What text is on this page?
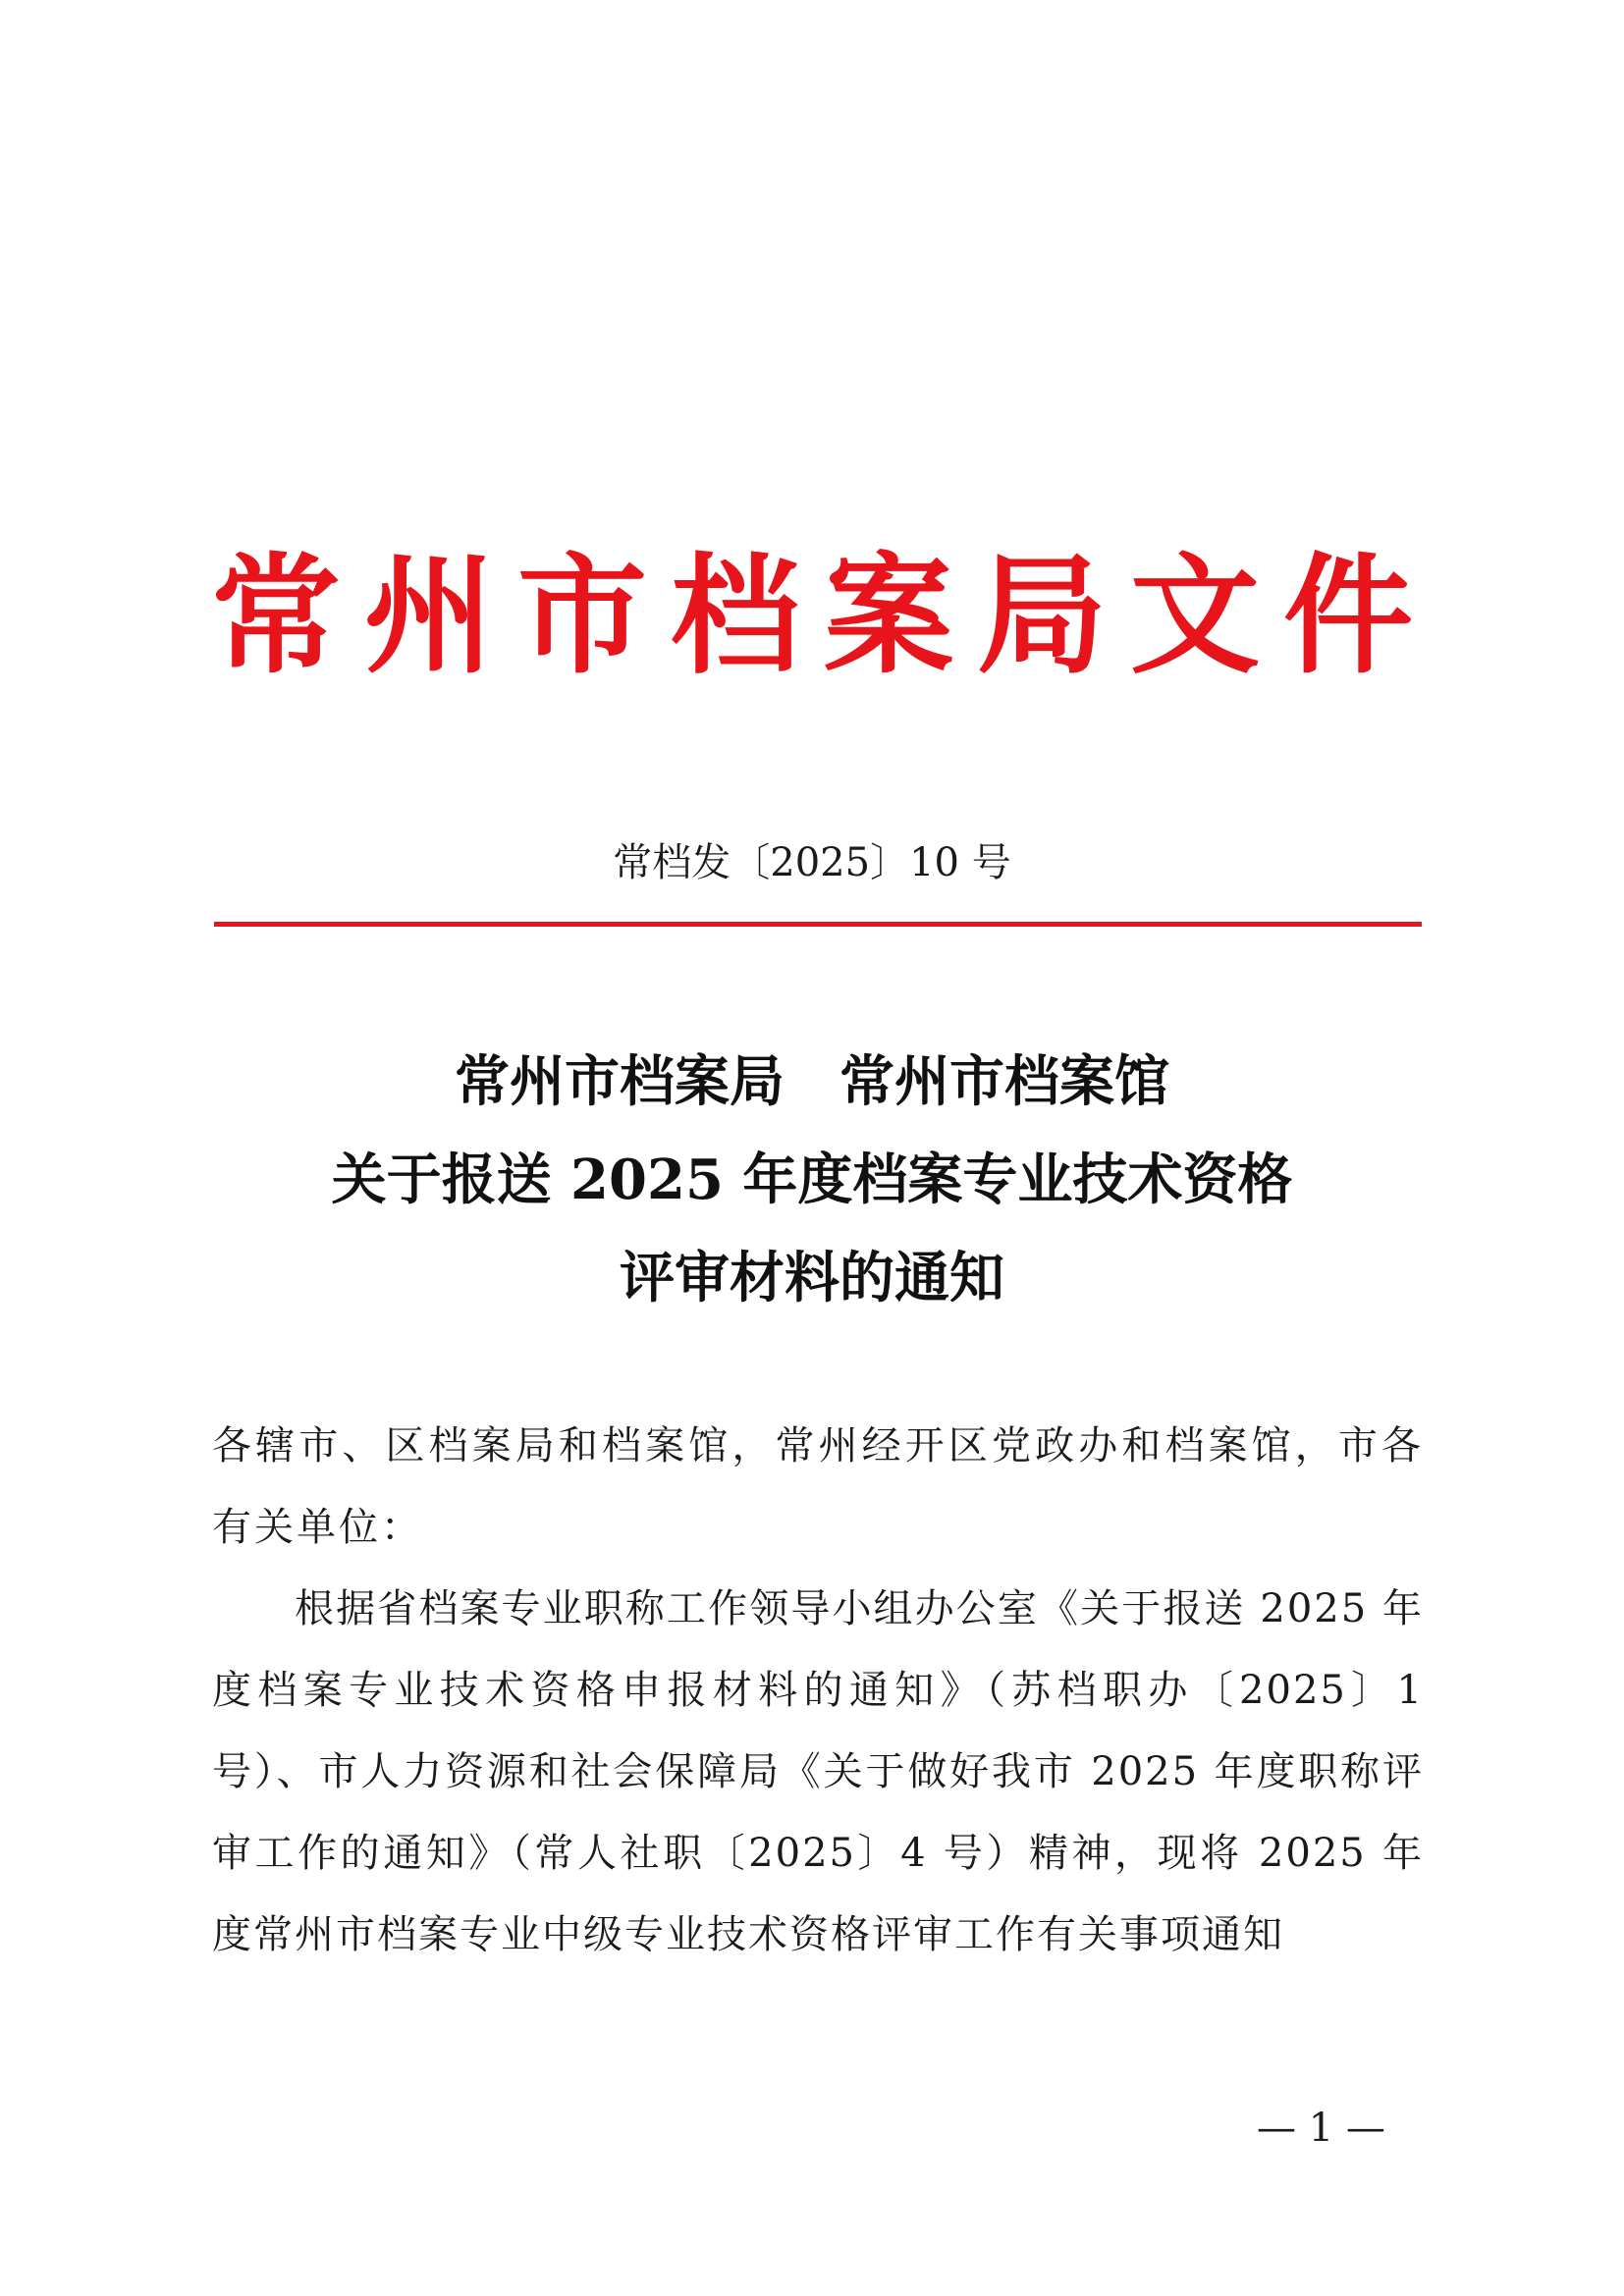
常州市档案局文件
常档发〔2025〕10 号
常州市档案局　常州市档案馆
关于报送 2025 年度档案专业技术资格
评审材料的通知

各辖市、区档案局和档案馆，常州经开区党政办和档案馆，市各有关单位：

根据省档案专业职称工作领导小组办公室《关于报送 2025 年度档案专业技术资格申报材料的通知》（苏档职办〔2025〕1 号）、市人力资源和社会保障局《关于做好我市 2025 年度职称评审工作的通知》（常人社职〔2025〕4 号）精神，现将 2025 年度常州市档案专业中级专业技术资格评审工作有关事项通知

— 1 —
